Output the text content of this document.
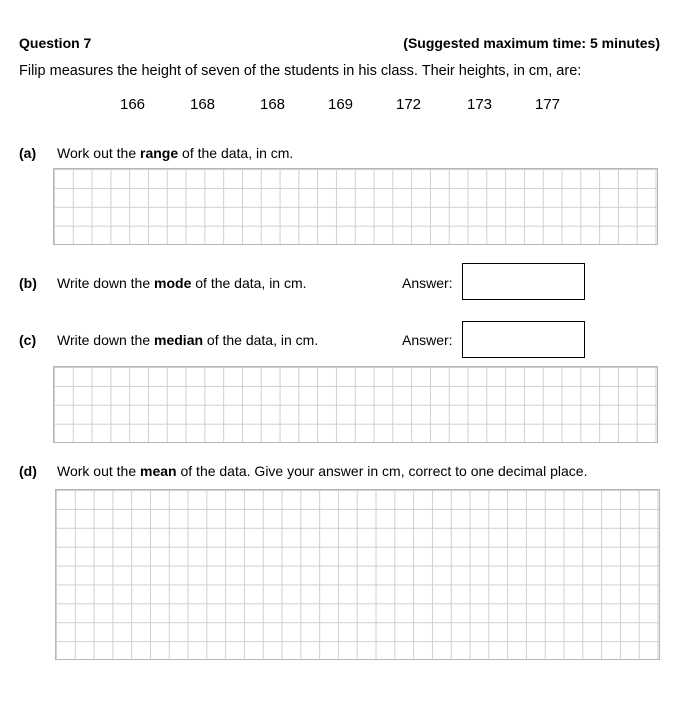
Question 7	(Suggested maximum time: 5 minutes)
Filip measures the height of seven of the students in his class. Their heights, in cm, are:
166	168	168	169	172	173	177
(a) Work out the range of the data, in cm.
(b) Write down the mode of the data, in cm.	Answer:
(c) Write down the median of the data, in cm.	Answer:
(d) Work out the mean of the data. Give your answer in cm, correct to one decimal place.
